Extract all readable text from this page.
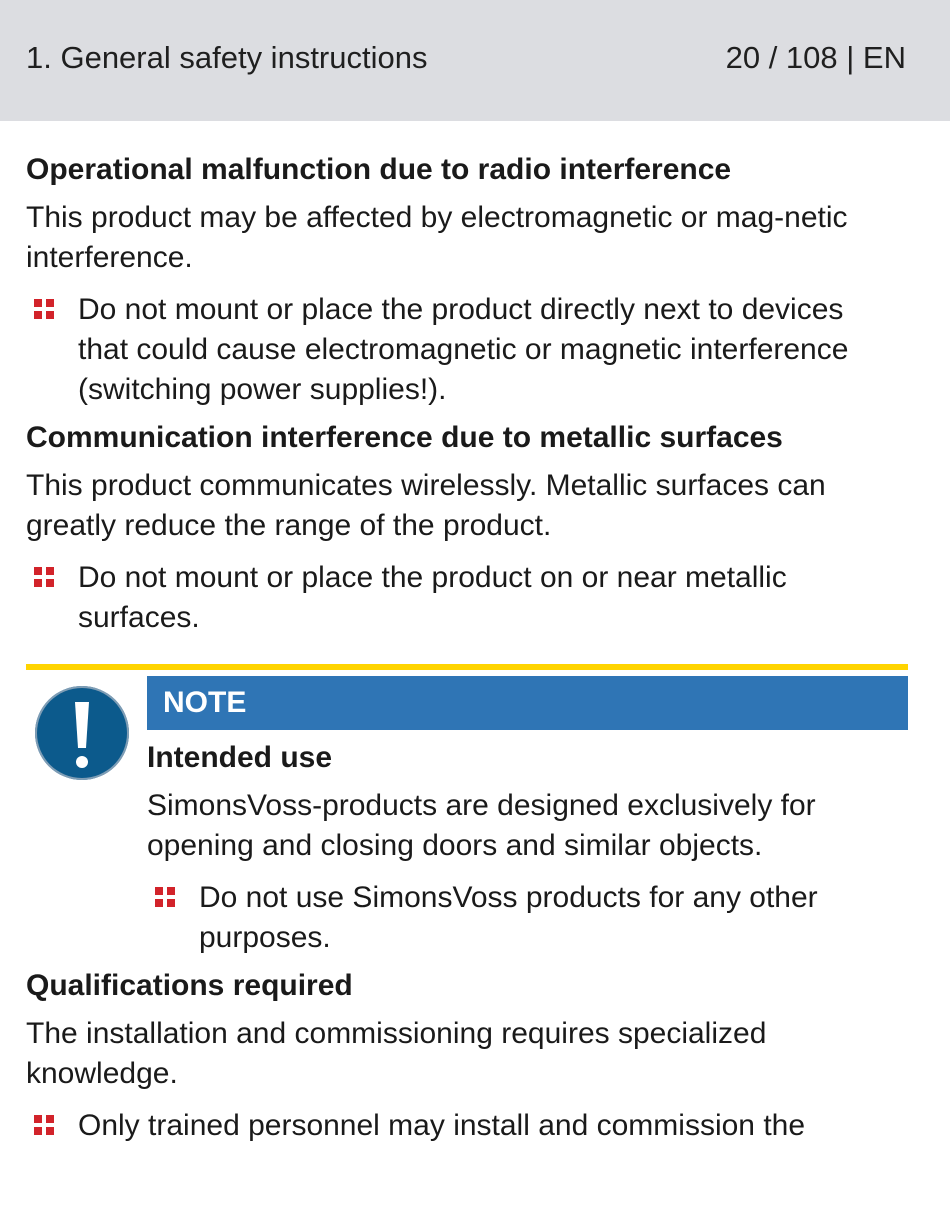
1. General safety instructions	20 / 108 | EN
Operational malfunction due to radio interference
This product may be affected by electromagnetic or mag-netic interference.
Do not mount or place the product directly next to devices that could cause electromagnetic or magnetic interference (switching power supplies!).
Communication interference due to metallic surfaces
This product communicates wirelessly. Metallic surfaces can greatly reduce the range of the product.
Do not mount or place the product on or near metallic surfaces.
NOTE
Intended use
SimonsVoss-products are designed exclusively for opening and closing doors and similar objects.
Do not use SimonsVoss products for any other purposes.
Qualifications required
The installation and commissioning requires specialized knowledge.
Only trained personnel may install and commission the
